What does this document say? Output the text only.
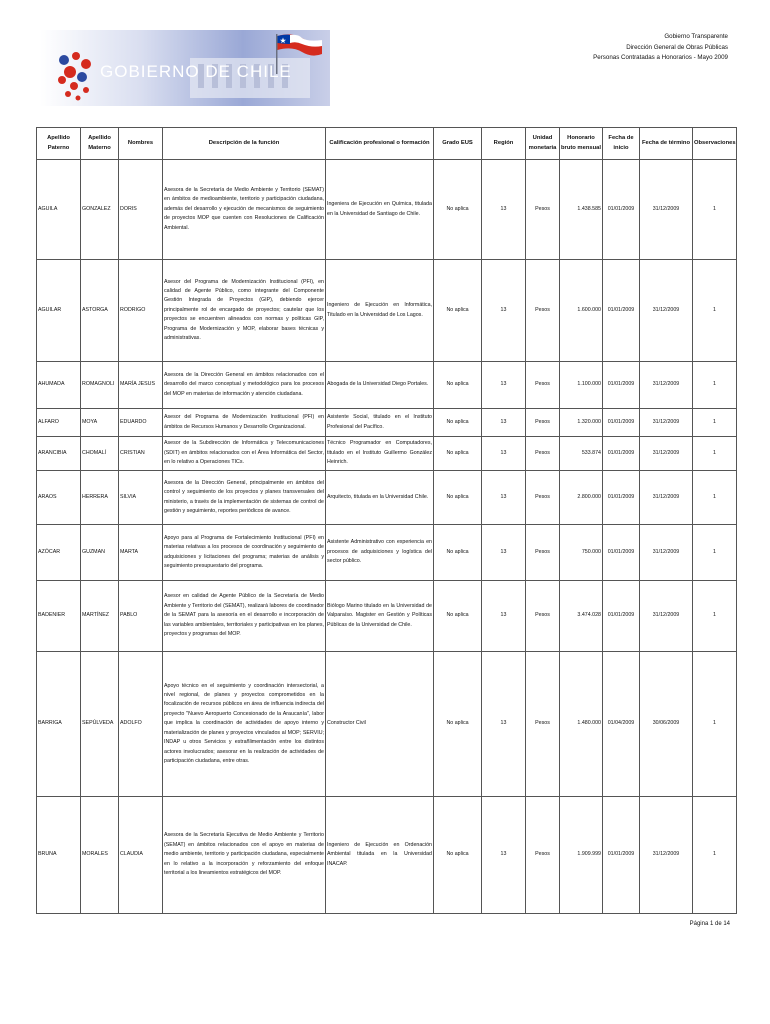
GOBIERNO DE CHILE
Gobierno Transparente
Dirección General de Obras Públicas
Personas Contratadas a Honorarios - Mayo 2009
Apellido Paterno	Apellido Materno	Nombres	Descripción de la función	Calificación profesional o formación	Grado EUS	Región	Unidad monetaria	Honorario bruto mensual	Fecha de inicio	Fecha de término	Observaciones
AGUILA	GONZALEZ	DORIS	Asesora de la Secretaría de Medio Ambiente y Territorio (SEMAT) en ámbitos de medioambiente, territorio y participación ciudadana, además del desarrollo y ejecución de mecanismos de seguimiento de proyectos MOP que cuenten con Resoluciones de Calificación Ambiental.	Ingeniera de Ejecución en Química, titulada en la Universidad de Santiago de Chile.	No aplica	13	Pesos	1.438.585	01/01/2009	31/12/2009	1
AGUILAR	ASTORGA	RODRIGO	Asesor del Programa de Modernización Institucional (PFI), en calidad de Agente Público, como integrante del Componente Gestión Integrada de Proyectos (GIP), debiendo ejercer principalmente rol de encargado de proyectos; cautelar que los proyectos se encuentren alineados con normas y políticas GIP, Programa de Modernización y MOP, elaborar bases técnicas y administrativas.	Ingeniero de Ejecución en Informática, Titulado en la Universidad de Los Lagos.	No aplica	13	Pesos	1.600.000	01/01/2009	31/12/2009	1
AHUMADA	ROMAGNOLI	MARÍA JESUS	Asesora de la Dirección General en ámbitos relacionados con el desarrollo del marco conceptual y metodológico para los procesos del MOP en materias de información y atención ciudadana.	Abogada de la Universidad Diego Portales.	No aplica	13	Pesos	1.100.000	01/01/2009	31/12/2009	1
ALFARO	MOYA	EDUARDO	Asesor del Programa de Modernización Institucional (PFI) en ámbitos de Recursos Humanos y Desarrollo Organizacional.	Asistente Social, titulado en el Instituto Profesional del Pacífico.	No aplica	13	Pesos	1.320.000	01/01/2009	31/12/2009	1
ARANCIBIA	CHOMALÍ	CRISTIAN	Asesor de la Subdirección de Informática y Telecomunicaciones (SDIT) en ámbitos relacionados con el Área Informática del Sector, en lo relativo a Operaciones TICs.	Técnico Programador en Computadores, titulado en el Instituto Guillermo González Heinrich.	No aplica	13	Pesos	533.874	01/01/2009	31/12/2009	1
ARAOS	HERRERA	SILVIA	Asesora de la Dirección General, principalmente en ámbitos del control y seguimiento de los proyectos y planes transversales del ministerio, a través de la implementación de sistemas de control de gestión y seguimiento, reportes periódicos de avance.	Arquitecto, titulada en la Universidad Chile.	No aplica	13	Pesos	2.800.000	01/01/2009	31/12/2009	1
AZÓCAR	GUZMAN	MARTA	Apoyo para al Programa de Fortalecimiento Institucional (PFI) en materias relativas a los procesos de coordinación y seguimiento de adquisiciones y licitaciones del programa; materias de análisis y seguimiento presupuestario del programa.	Asistente Administrativo con experiencia en procesos de adquisiciones y logística del sector público.	No aplica	13	Pesos	750.000	01/01/2009	31/12/2009	1
BADENIER	MARTÍNEZ	PABLO	Asesor en calidad de Agente Público de la Secretaría de Medio Ambiente y Territorio del (SEMAT), realizará labores de coordinador de la SEMAT para la asesoría en el desarrollo e incorporación de las variables ambientales, territoriales y participativas en los planes, proyectos y programas del MOP.	Biólogo Marino titulado en la Universidad de Valparaíso. Magister en Gestión y Políticas Públicas de la Universidad de Chile.	No aplica	13	Pesos	3.474.028	01/01/2009	31/12/2009	1
BARRIGA	SEPÚLVEDA	ADOLFO	Apoyo técnico en el seguimiento y coordinación intersectorial, a nivel regional, de planes y proyectos comprometidos en la focalización de recursos públicos en área de influencia indirecta del proyecto "Nuevo Aeropuerto Concesionado de la Araucanía", labor que implica la coordinación de actividades de apoyo interno y materialización de planes y proyectos vinculados al MOP; SERVIU; INDAP u otros Servicios y estrañlimentación entre los distintos actores involucrados; asesorar en la realización de actividades de participación ciudadana, entre otras.	Constructor Civil	No aplica	13	Pesos	1.480.000	01/04/2009	30/06/2009	1
BRUNA	MORALES	CLAUDIA	Asesora de la Secretaría Ejecutiva de Medio Ambiente y Territorio (SEMAT) en ámbitos relacionados con el apoyo en materias de medio ambiente, territorio y participación ciudadana, especialmente en lo relativo a la incorporación y reforzamiento del enfoque territorial a los lineamientos estratégicos del MOP.	Ingeniero de Ejecución en Ordenación Ambiental titulada en la Universidad INACAP.	No aplica	13	Pesos	1.909.999	01/01/2009	31/12/2009	1
Página 1 de 14
